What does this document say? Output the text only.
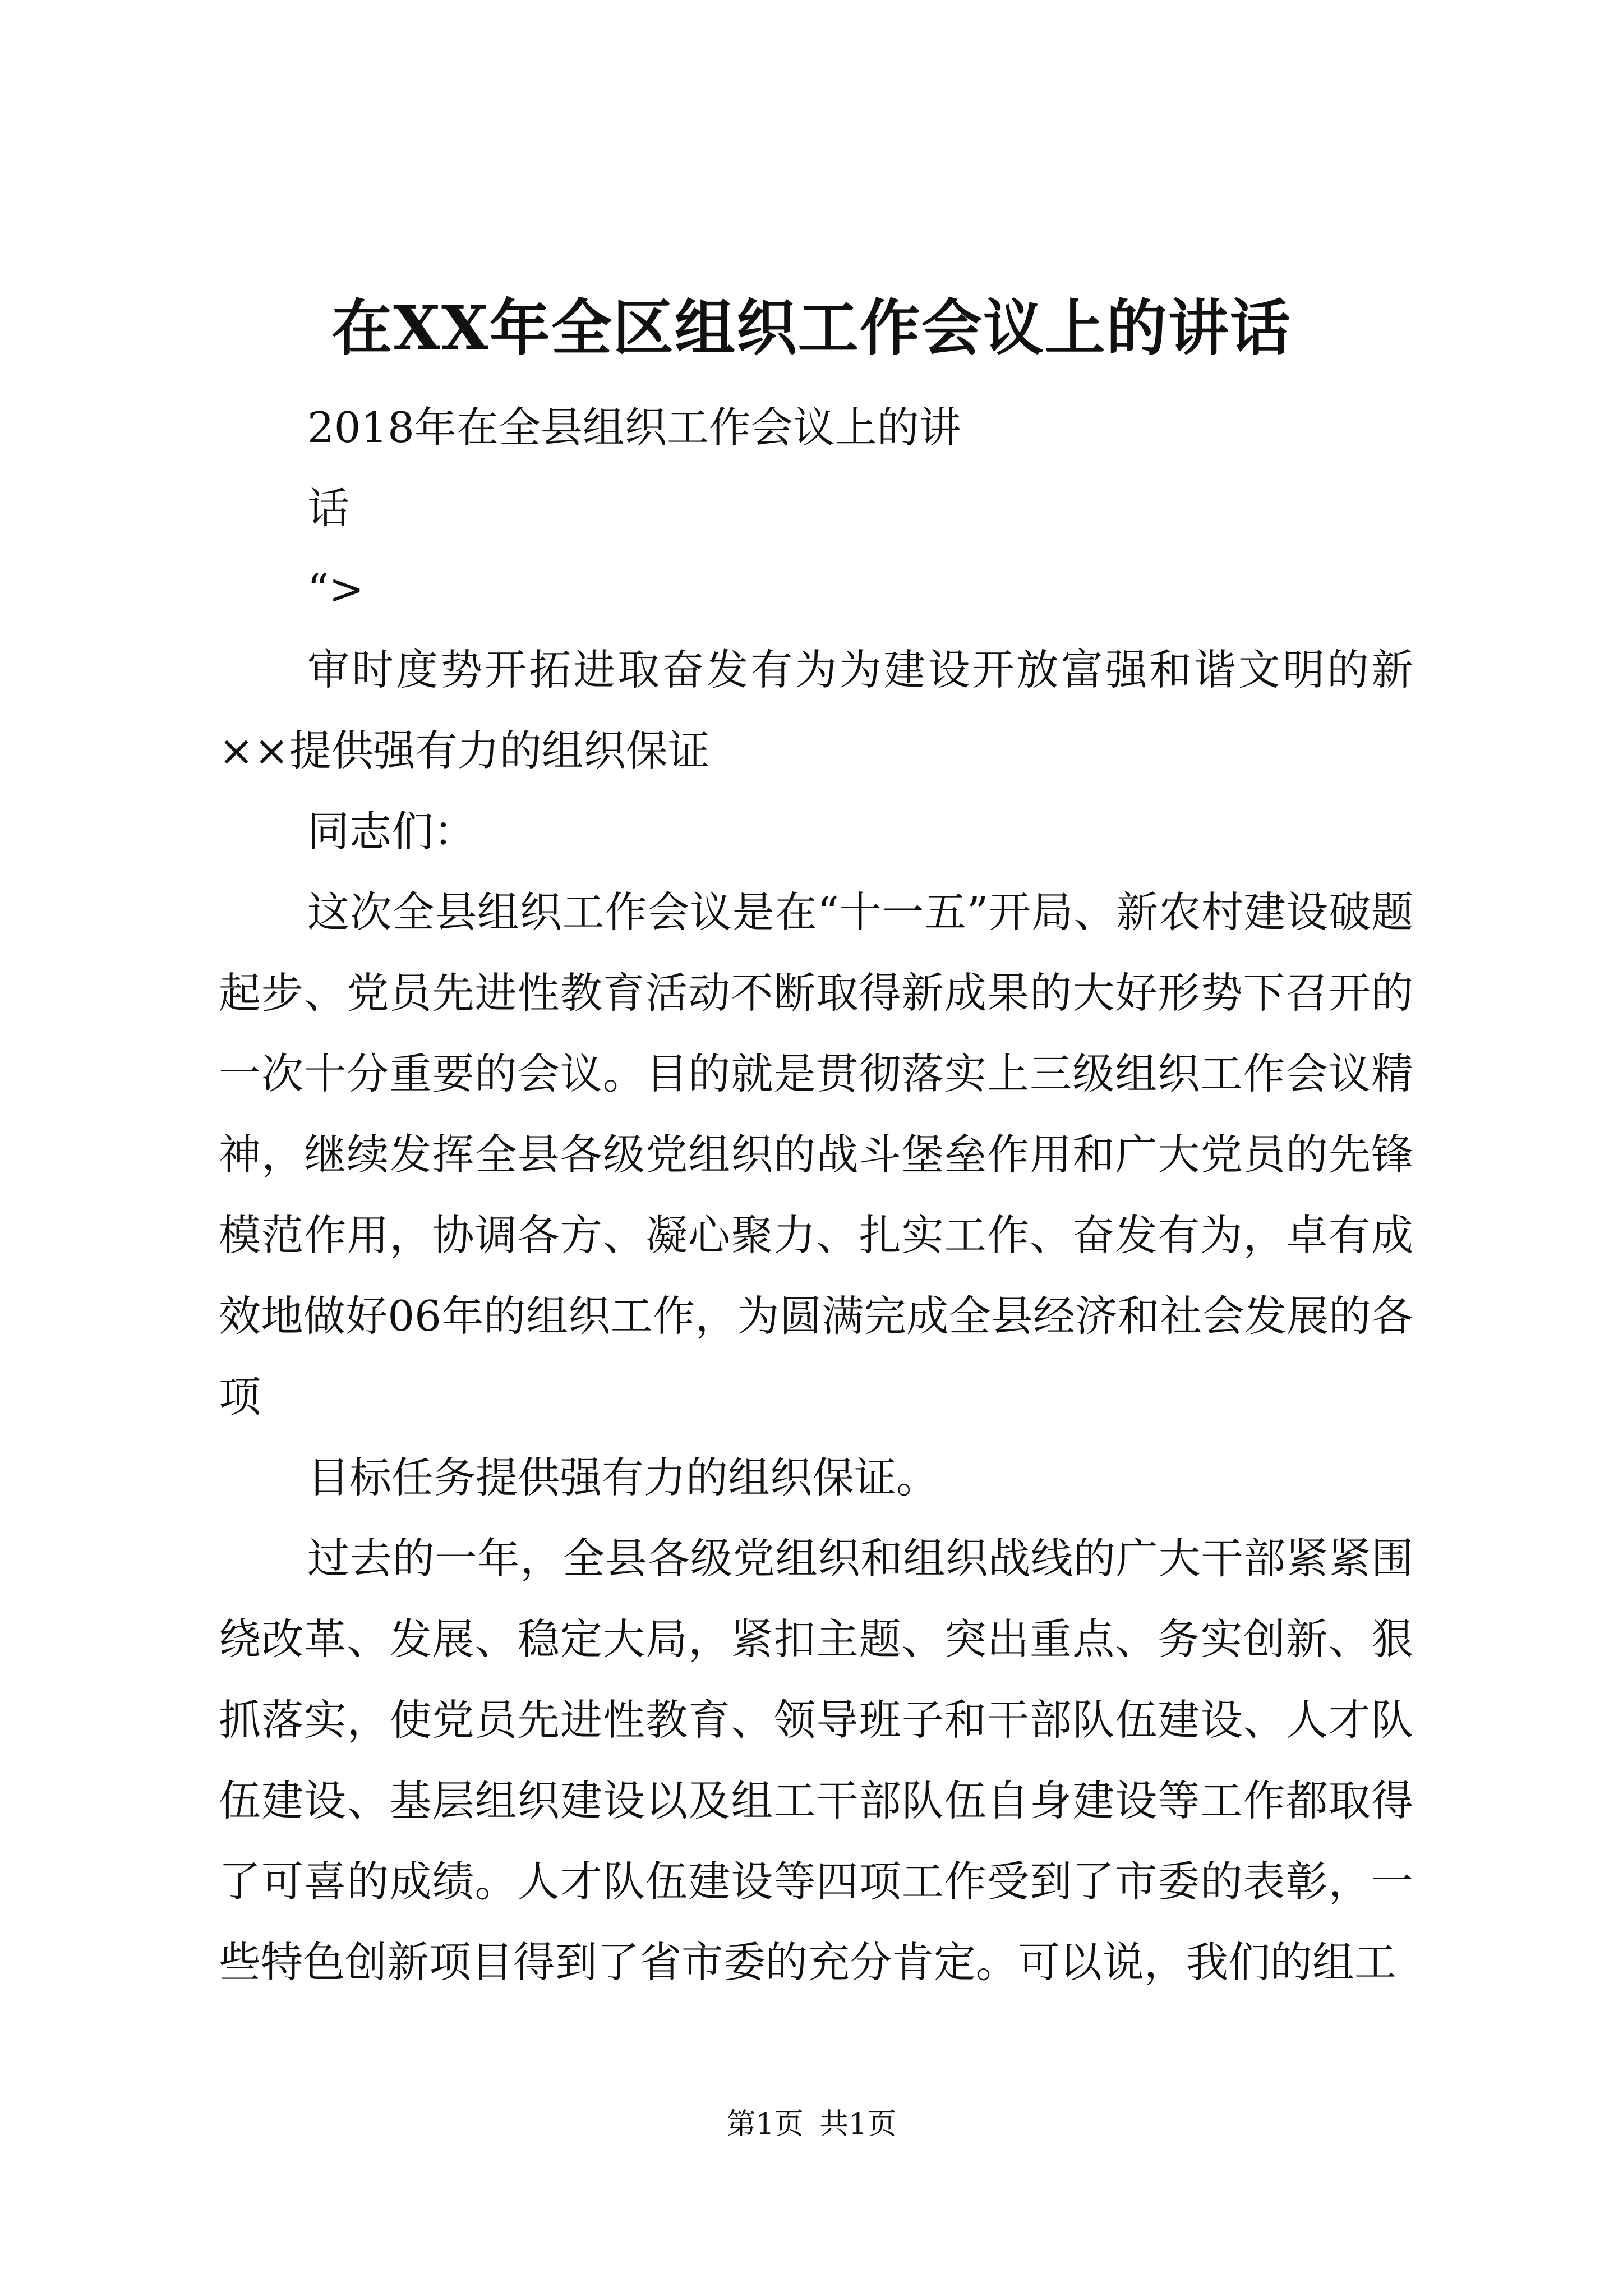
在XX年全区组织工作会议上的讲话

2018年在全县组织工作会议上的讲

话

“>

审时度势开拓进取奋发有为为建设开放富强和谐文明的新××提供强有力的组织保证

同志们：

这次全县组织工作会议是在“十一五”开局、新农村建设破题起步、党员先进性教育活动不断取得新成果的大好形势下召开的一次十分重要的会议。目的就是贯彻落实上三级组织工作会议精神，继续发挥全县各级党组织的战斗堡垒作用和广大党员的先锋模范作用，协调各方、凝心聚力、扎实工作、奋发有为，卓有成效地做好06年的组织工作，为圆满完成全县经济和社会发展的各项

目标任务提供强有力的组织保证。

过去的一年，全县各级党组织和组织战线的广大干部紧紧围绕改革、发展、稳定大局，紧扣主题、突出重点、务实创新、狠抓落实，使党员先进性教育、领导班子和干部队伍建设、人才队伍建设、基层组织建设以及组工干部队伍自身建设等工作都取得了可喜的成绩。人才队伍建设等四项工作受到了市委的表彰，一些特色创新项目得到了省市委的充分肯定。可以说，我们的组工

第1页 共1页
